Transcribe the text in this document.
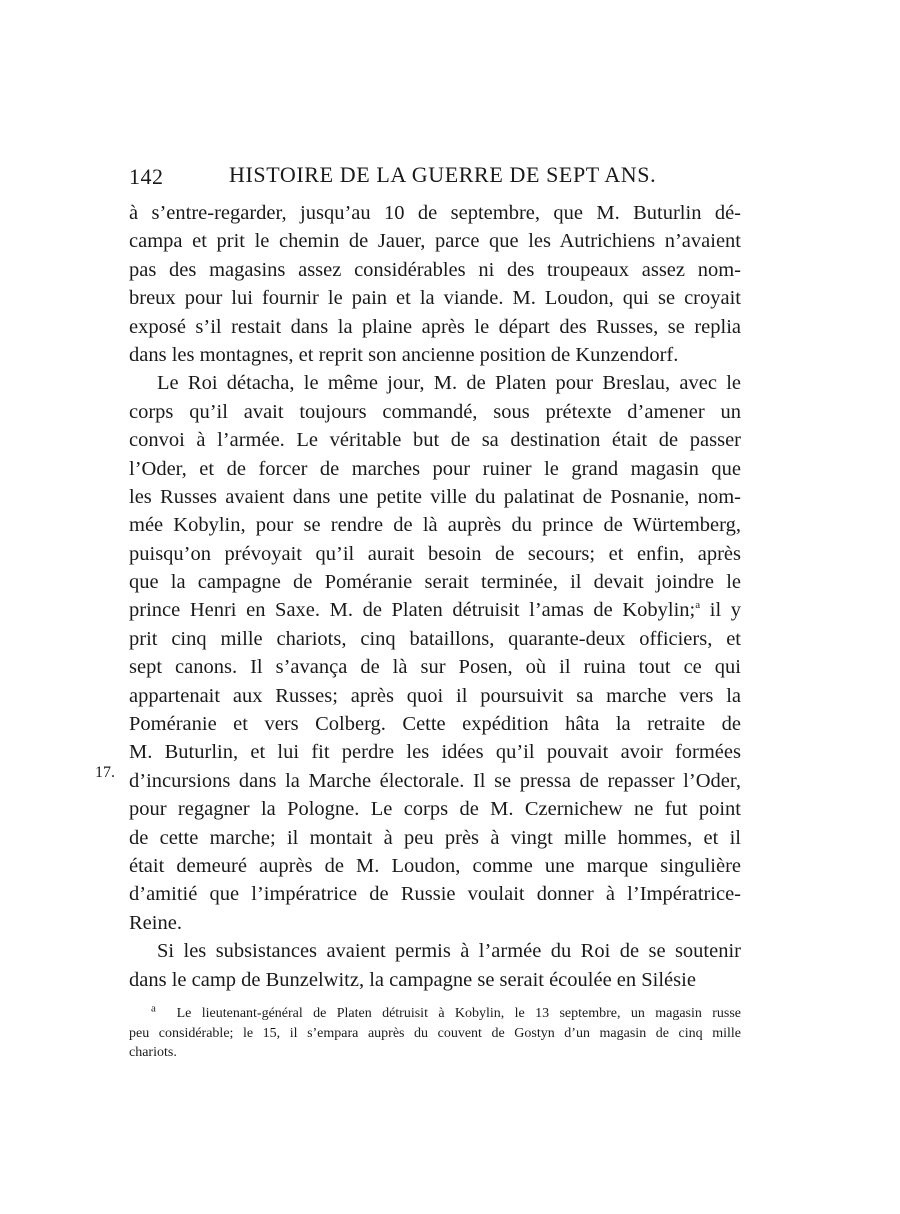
142	HISTOIRE DE LA GUERRE DE SEPT ANS.
17.
à s’entre-regarder, jusqu’au 10 de septembre, que M. Buturlin dé-
campa et prit le chemin de Jauer, parce que les Autrichiens n’avaient
pas des magasins assez considérables ni des troupeaux assez nom-
breux pour lui fournir le pain et la viande. M. Loudon, qui se croyait
exposé s’il restait dans la plaine après le départ des Russes, se replia
dans les montagnes, et reprit son ancienne position de Kunzendorf.
Le Roi détacha, le même jour, M. de Platen pour Breslau, avec le
corps qu’il avait toujours commandé, sous prétexte d’amener un
convoi à l’armée. Le véritable but de sa destination était de passer
l’Oder, et de forcer de marches pour ruiner le grand magasin que
les Russes avaient dans une petite ville du palatinat de Posnanie, nom-
mée Kobylin, pour se rendre de là auprès du prince de Würtemberg,
puisqu’on prévoyait qu’il aurait besoin de secours; et enfin, après
que la campagne de Poméranie serait terminée, il devait joindre le
prince Henri en Saxe. M. de Platen détruisit l’amas de Kobylin;$^a$ il y
prit cinq mille chariots, cinq bataillons, quarante-deux officiers, et
sept canons. Il s’avança de là sur Posen, où il ruina tout ce qui
appartenait aux Russes; après quoi il poursuivit sa marche vers la
Poméranie et vers Colberg. Cette expédition hâta la retraite de
M. Buturlin, et lui fit perdre les idées qu’il pouvait avoir formées
d’incursions dans la Marche électorale. Il se pressa de repasser l’Oder,
pour regagner la Pologne. Le corps de M. Czernichew ne fut point
de cette marche; il montait à peu près à vingt mille hommes, et il
était demeuré auprès de M. Loudon, comme une marque singulière
d’amitié que l’impératrice de Russie voulait donner à l’Impératrice-
Reine.
Si les subsistances avaient permis à l’armée du Roi de se soutenir
dans le camp de Bunzelwitz, la campagne se serait écoulée en Silésie
$^a$ Le lieutenant-général de Platen détruisit à Kobylin, le 13 septembre, un magasin russe
peu considérable; le 15, il s’empara auprès du couvent de Gostyn d’un magasin de cinq mille
chariots.
